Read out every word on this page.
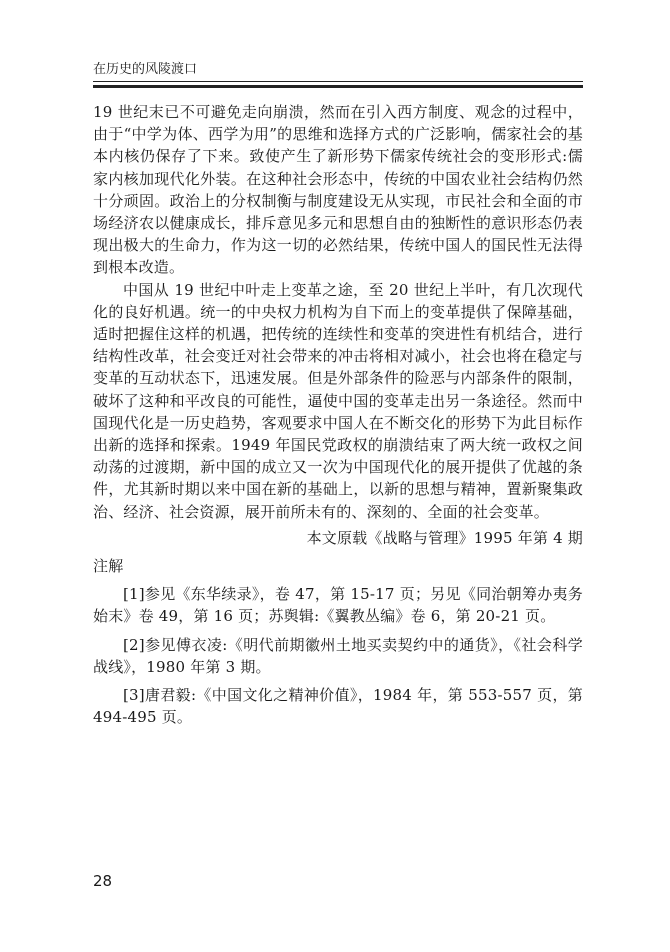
在历史的风陵渡口

19 世纪末已不可避免走向崩溃，然而在引入西方制度、观念的过程中，由于“中学为体、西学为用”的思维和选择方式的广泛影响，儒家社会的基本内核仍保存了下来。致使产生了新形势下儒家传统社会的变形形式:儒家内核加现代化外装。在这种社会形态中，传统的中国农业社会结构仍然十分顽固。政治上的分权制衡与制度建设无从实现，市民社会和全面的市场经济农以健康成长，排斥意见多元和思想自由的独断性的意识形态仍表现出极大的生命力，作为这一切的必然结果，传统中国人的国民性无法得到根本改造。

中国从 19 世纪中叶走上变革之途，至 20 世纪上半叶，有几次现代化的良好机遇。统一的中央权力机构为自下而上的变革提供了保障基础，适时把握住这样的机遇，把传统的连续性和变革的突进性有机结合，进行结构性改革，社会变迁对社会带来的冲击将相对减小，社会也将在稳定与变革的互动状态下，迅速发展。但是外部条件的险恶与内部条件的限制，破坏了这种和平改良的可能性，逼使中国的变革走出另一条途径。然而中国现代化是一历史趋势，客观要求中国人在不断交化的形势下为此目标作出新的选择和探索。1949 年国民党政权的崩溃结束了两大统一政权之间动荡的过渡期，新中国的成立又一次为中国现代化的展开提供了优越的条件，尤其新时期以来中国在新的基础上，以新的思想与精神，置新聚集政治、经济、社会资源，展开前所未有的、深刻的、全面的社会变革。

本文原载《战略与管理》1995 年第 4 期

注解

[1]参见《东华续录》，卷 47，第 15-17 页；另见《同治朝筹办夷务始末》卷 49，第 16 页；苏舆辑:《翼教丛编》卷 6，第 20-21 页。

[2]参见傅衣凌:《明代前期徽州土地买卖契约中的通货》，《社会科学战线》，1980 年第 3 期。

[3]唐君毅:《中国文化之精神价值》，1984 年，第 553-557 页，第 494-495 页。

28
